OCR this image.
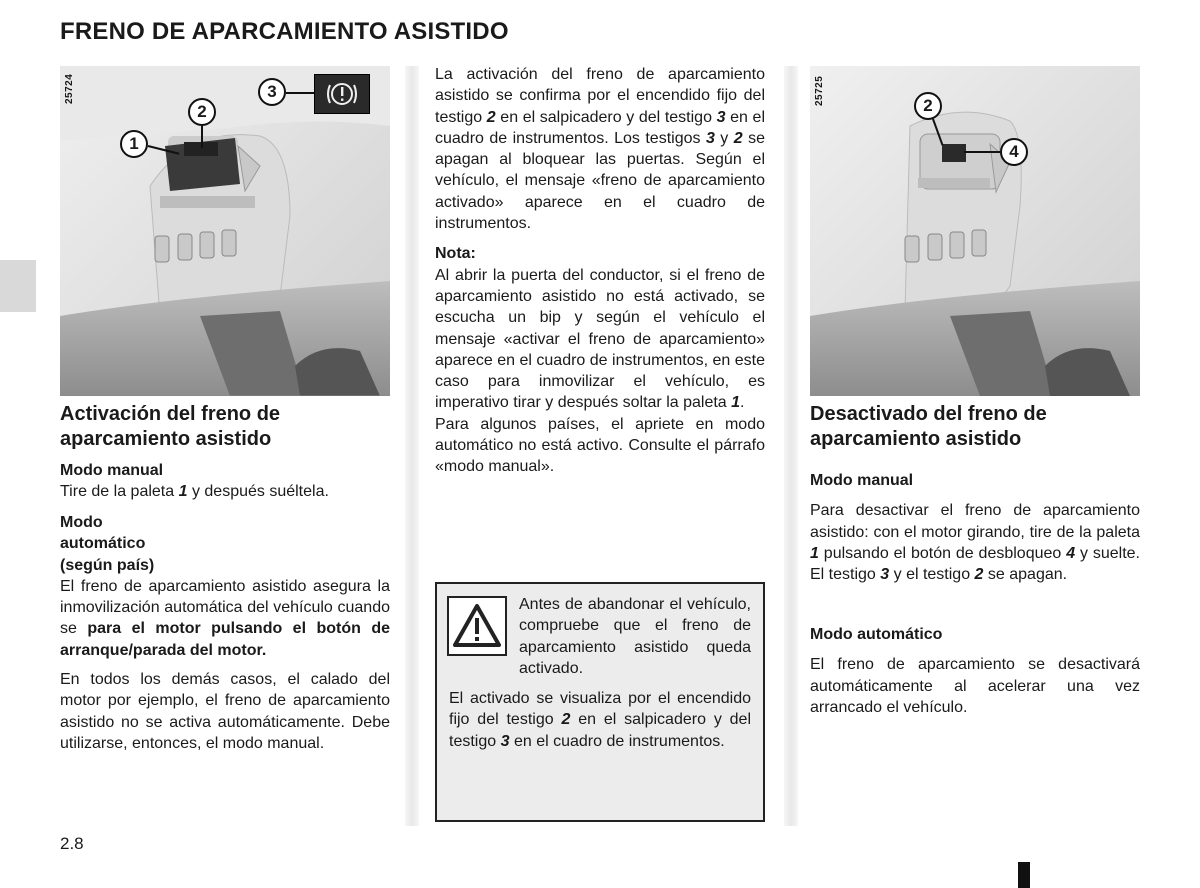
FRENO DE APARCAMIENTO ASISTIDO
25724
1
2
3
Activación del freno de aparcamiento asistido

Modo manual

Tire de la paleta 1 y después suéltela.

Modo automático (según país)

El freno de aparcamiento asistido asegura la inmovilización automática del vehículo cuando se para el motor pulsando el botón de arranque/parada del motor.

En todos los demás casos, el calado del motor por ejemplo, el freno de aparcamiento asistido no se activa automáticamente. Debe utilizarse, entonces, el modo manual.

La activación del freno de aparcamiento asistido se confirma por el encendido fijo del testigo 2 en el salpicadero y del testigo 3 en el cuadro de instrumentos. Los testigos 3 y 2 se apagan al bloquear las puertas. Según el vehículo, el mensaje «freno de aparcamiento activado» aparece en el cuadro de instrumentos.

Nota:

Al abrir la puerta del conductor, si el freno de aparcamiento asistido no está activado, se escucha un bip y según el vehículo el mensaje «activar el freno de aparcamiento» aparece en el cuadro de instrumentos, en este caso para inmovilizar el vehículo, es imperativo tirar y después soltar la paleta 1.

Para algunos países, el apriete en modo automático no está activo. Consulte el párrafo «modo manual».

Antes de abandonar el vehículo, compruebe que el freno de aparcamiento asistido queda activado.
El activado se visualiza por el encendido fijo del testigo 2 en el salpicadero y del testigo 3 en el cuadro de instrumentos.
25725	2
4
Desactivado del freno de aparcamiento asistido

Modo manual

Para desactivar el freno de aparcamiento asistido: con el motor girando, tire de la paleta 1 pulsando el botón de desbloqueo 4 y suelte. El testigo 3 y el testigo 2 se apagan.

Modo automático

El freno de aparcamiento se desactivará automáticamente al acelerar una vez arrancado el vehículo.

2.8
